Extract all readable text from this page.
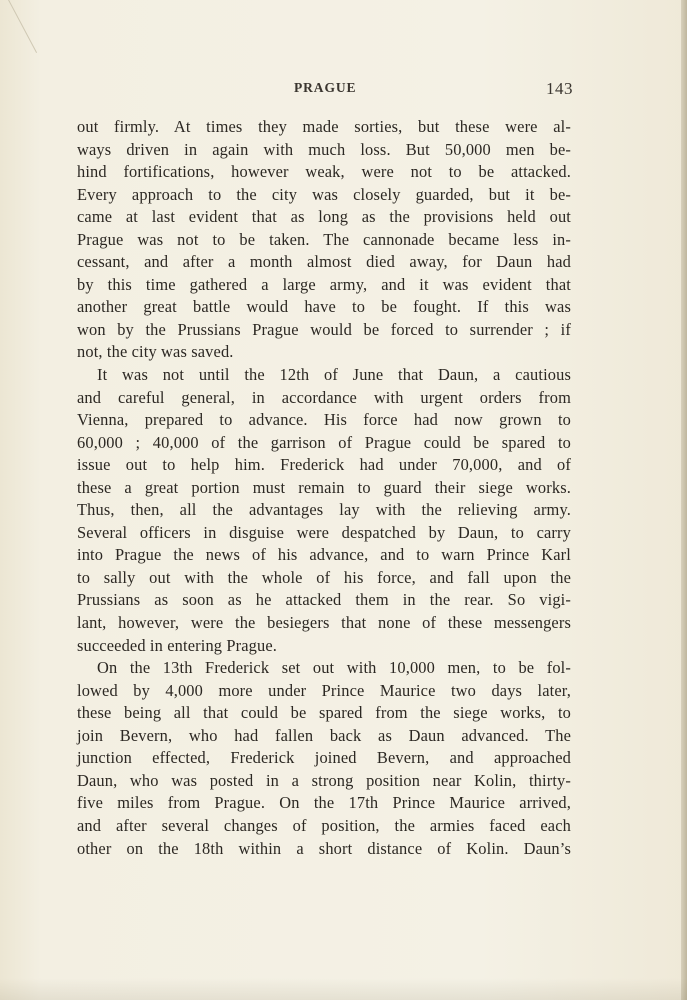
PRAGUE	143
out firmly. At times they made sorties, but these were al-
ways driven in again with much loss. But 50,000 men be-
hind fortifications, however weak, were not to be attacked.
Every approach to the city was closely guarded, but it be-
came at last evident that as long as the provisions held out
Prague was not to be taken. The cannonade became less in-
cessant, and after a month almost died away, for Daun had
by this time gathered a large army, and it was evident that
another great battle would have to be fought. If this was
won by the Prussians Prague would be forced to surrender ; if
not, the city was saved.
It was not until the 12th of June that Daun, a cautious
and careful general, in accordance with urgent orders from
Vienna, prepared to advance. His force had now grown to
60,000 ; 40,000 of the garrison of Prague could be spared to
issue out to help him. Frederick had under 70,000, and of
these a great portion must remain to guard their siege works.
Thus, then, all the advantages lay with the relieving army.
Several officers in disguise were despatched by Daun, to carry
into Prague the news of his advance, and to warn Prince Karl
to sally out with the whole of his force, and fall upon the
Prussians as soon as he attacked them in the rear. So vigi-
lant, however, were the besiegers that none of these messengers
succeeded in entering Prague.
On the 13th Frederick set out with 10,000 men, to be fol-
lowed by 4,000 more under Prince Maurice two days later,
these being all that could be spared from the siege works, to
join Bevern, who had fallen back as Daun advanced. The
junction effected, Frederick joined Bevern, and approached
Daun, who was posted in a strong position near Kolin, thirty-
five miles from Prague. On the 17th Prince Maurice arrived,
and after several changes of position, the armies faced each
other on the 18th within a short distance of Kolin. Daun’s
